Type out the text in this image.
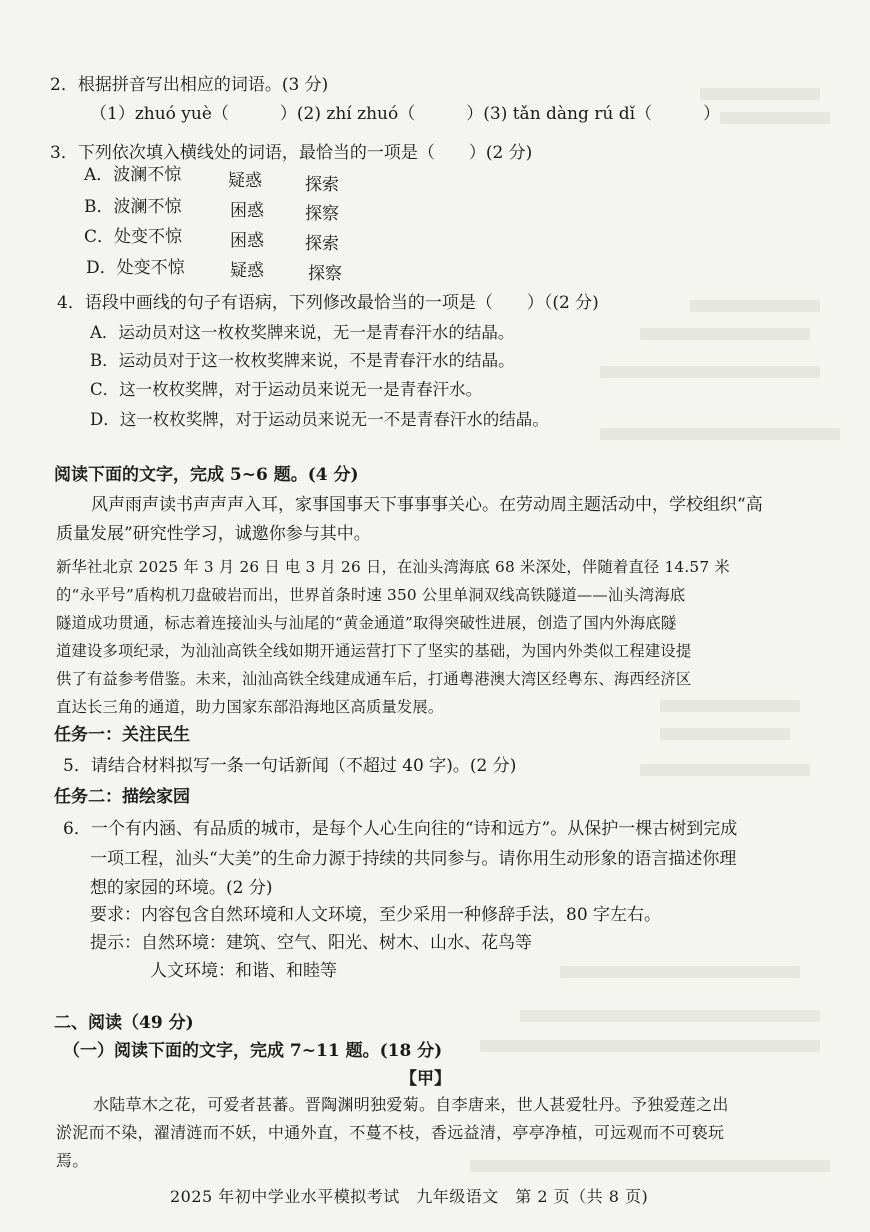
2．根据拼音写出相应的词语。(3 分)
（1）zhuó yuè（　　　）(2) zhí zhuó（　　　）(3) tǎn dàng rú dǐ（　　　）
3．下列依次填入横线处的词语，最恰当的一项是（　　）(2 分)
A．波澜不惊	疑惑	探索
B．波澜不惊	困惑 探察
C．处变不惊	困惑 探索
D．处变不惊	疑惑	探察
4．语段中画线的句子有语病，下列修改最恰当的一项是（　　）（(2 分)
A．运动员对这一枚枚奖牌来说，无一是青春汗水的结晶。
B．运动员对于这一枚枚奖牌来说，不是青春汗水的结晶。
C．这一枚枚奖牌，对于运动员来说无一是青春汗水。
D．这一枚枚奖牌，对于运动员来说无一不是青春汗水的结晶。
阅读下面的文字，完成 5~6 题。(4 分)
风声雨声读书声声声入耳，家事国事天下事事事关心。在劳动周主题活动中，学校组织“高
质量发展”研究性学习，诚邀你参与其中。
新华社北京 2025 年 3 月 26 日 电 3 月 26 日，在汕头湾海底 68 米深处，伴随着直径 14.57 米
的“永平号”盾构机刀盘破岩而出，世界首条时速 350 公里单洞双线高铁隧道——汕头湾海底
隧道成功贯通，标志着连接汕头与汕尾的“黄金通道”取得突破性进展，创造了国内外海底隧
道建设多项纪录，为汕汕高铁全线如期开通运营打下了坚实的基础，为国内外类似工程建设提
供了有益参考借鉴。未来，汕汕高铁全线建成通车后，打通粤港澳大湾区经粤东、海西经济区
直达长三角的通道，助力国家东部沿海地区高质量发展。
任务一：关注民生
5．请结合材料拟写一条一句话新闻（不超过 40 字)。(2 分)
任务二：描绘家园
6．一个有内涵、有品质的城市，是每个人心生向往的“诗和远方”。从保护一棵古树到完成
一项工程，汕头“大美”的生命力源于持续的共同参与。请你用生动形象的语言描述你理
想的家园的环境。(2 分)
要求：内容包含自然环境和人文环境，至少采用一种修辞手法，80 字左右。
提示：自然环境：建筑、空气、阳光、树木、山水、花鸟等
人文环境：和谐、和睦等
二、阅读（49 分)
（一）阅读下面的文字，完成 7~11 题。(18 分)
【甲】
水陆草木之花，可爱者甚蕃。晋陶渊明独爱菊。自李唐来，世人甚爱牡丹。予独爱莲之出
淤泥而不染，濯清涟而不妖，中通外直，不蔓不枝，香远益清，亭亭净植，可远观而不可亵玩
焉。
2025 年初中学业水平模拟考试　九年级语文　第 2 页（共 8 页)
